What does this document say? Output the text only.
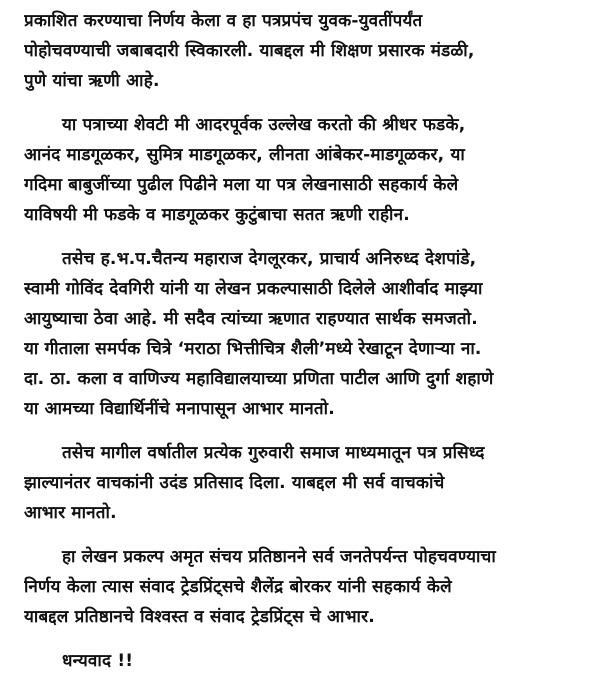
प्रकाशित करण्याचा निर्णय केला व हा पत्रप्रपंच युवक-युवतींपर्यंत
पोहोचवण्याची जबाबदारी स्विकारली. याबद्दल मी शिक्षण प्रसारक मंडळी,
पुणे यांचा ऋणी आहे.
या पत्राच्या शेवटी मी आदरपूर्वक उल्लेख करतो की श्रीधर फडके,
आनंद माडगूळकर, सुमित्र माडगूळकर, लीनता आंबेकर-माडगूळकर, या
गदिमा बाबुजींच्या पुढील पिढीने मला या पत्र लेखनासाठी सहकार्य केले
याविषयी मी फडके व माडगूळकर कुटुंबाचा सतत ऋणी राहीन.
तसेच ह.भ.प.चैतन्य महाराज देगलूरकर, प्राचार्य अनिरुध्द देशपांडे,
स्वामी गोविंद देवगिरी यांनी या लेखन प्रकल्पासाठी दिलेले आशीर्वाद माझ्या
आयुष्याचा ठेवा आहे. मी सदैव त्यांच्या ऋणात राहण्यात सार्थक समजतो.
या गीताला समर्पक चित्रे ‘मराठा भित्तीचित्र शैली’मध्ये रेखाटून देणाऱ्या ना.
दा. ठा. कला व वाणिज्य महाविद्यालयाच्या प्रणिता पाटील आणि दुर्गा शहाणे
या आमच्या विद्यार्थिनींचे मनापासून आभार मानतो.
तसेच मागील वर्षातील प्रत्येक गुरुवारी समाज माध्यमातून पत्र प्रसिध्द
झाल्यानंतर वाचकांनी उदंड प्रतिसाद दिला. याबद्दल मी सर्व वाचकांचे
आभार मानतो.
हा लेखन प्रकल्प अमृत संचय प्रतिष्ठानने सर्व जनतेपर्यन्त पोहचवण्याचा
निर्णय केला त्यास संवाद ट्रेडप्रिंट्सचे शैलेंद्र बोरकर यांनी सहकार्य केले
याबद्दल प्रतिष्ठानचे विश्वस्त व संवाद ट्रेडप्रिंट्स चे आभार.
धन्यवाद !!
